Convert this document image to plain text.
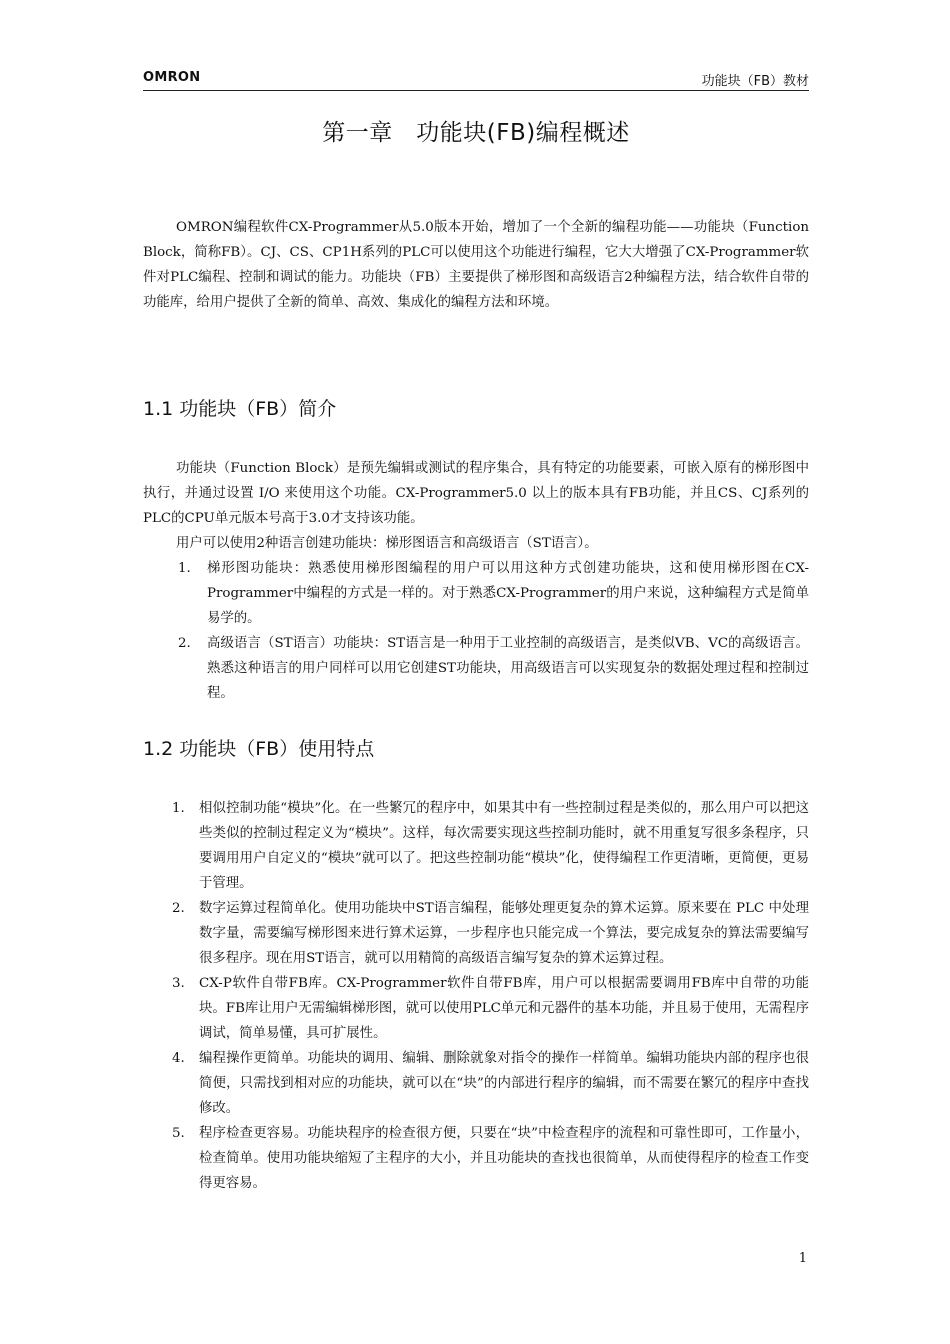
OMRON	功能块（FB）教材
第一章　功能块(FB)编程概述

OMRON编程软件CX-Programmer从5.0版本开始，增加了一个全新的编程功能——功能块（Function Block，简称FB）。CJ、CS、CP1H系列的PLC可以使用这个功能进行编程，它大大增强了CX-Programmer软件对PLC编程、控制和调试的能力。功能块（FB）主要提供了梯形图和高级语言2种编程方法，结合软件自带的功能库，给用户提供了全新的简单、高效、集成化的编程方法和环境。

1.1 功能块（FB）简介

功能块（Function Block）是预先编辑或测试的程序集合，具有特定的功能要素，可嵌入原有的梯形图中执行，并通过设置 I/O 来使用这个功能。CX-Programmer5.0 以上的版本具有FB功能，并且CS、CJ系列的PLC的CPU单元版本号高于3.0才支持该功能。

用户可以使用2种语言创建功能块：梯形图语言和高级语言（ST语言）。

1. 梯形图功能块：熟悉使用梯形图编程的用户可以用这种方式创建功能块，这和使用梯形图在CX-Programmer中编程的方式是一样的。对于熟悉CX-Programmer的用户来说，这种编程方式是简单易学的。
2. 高级语言（ST语言）功能块：ST语言是一种用于工业控制的高级语言，是类似VB、VC的高级语言。熟悉这种语言的用户同样可以用它创建ST功能块，用高级语言可以实现复杂的数据处理过程和控制过程。
1.2 功能块（FB）使用特点
1. 相似控制功能“模块”化。在一些繁冗的程序中，如果其中有一些控制过程是类似的，那么用户可以把这些类似的控制过程定义为“模块”。这样，每次需要实现这些控制功能时，就不用重复写很多条程序，只要调用用户自定义的“模块”就可以了。把这些控制功能“模块”化，使得编程工作更清晰，更简便，更易于管理。
2. 数字运算过程简单化。使用功能块中ST语言编程，能够处理更复杂的算术运算。原来要在 PLC 中处理数字量，需要编写梯形图来进行算术运算，一步程序也只能完成一个算法，要完成复杂的算法需要编写很多程序。现在用ST语言，就可以用精简的高级语言编写复杂的算术运算过程。
3. CX-P软件自带FB库。CX-Programmer软件自带FB库，用户可以根据需要调用FB库中自带的功能块。FB库让用户无需编辑梯形图，就可以使用PLC单元和元器件的基本功能，并且易于使用，无需程序调试，简单易懂，具可扩展性。
4. 编程操作更简单。功能块的调用、编辑、删除就象对指令的操作一样简单。编辑功能块内部的程序也很简便，只需找到相对应的功能块，就可以在“块”的内部进行程序的编辑，而不需要在繁冗的程序中查找修改。
5. 程序检查更容易。功能块程序的检查很方便，只要在“块”中检查程序的流程和可靠性即可，工作量小，检查简单。使用功能块缩短了主程序的大小，并且功能块的查找也很简单，从而使得程序的检查工作变得更容易。
1
